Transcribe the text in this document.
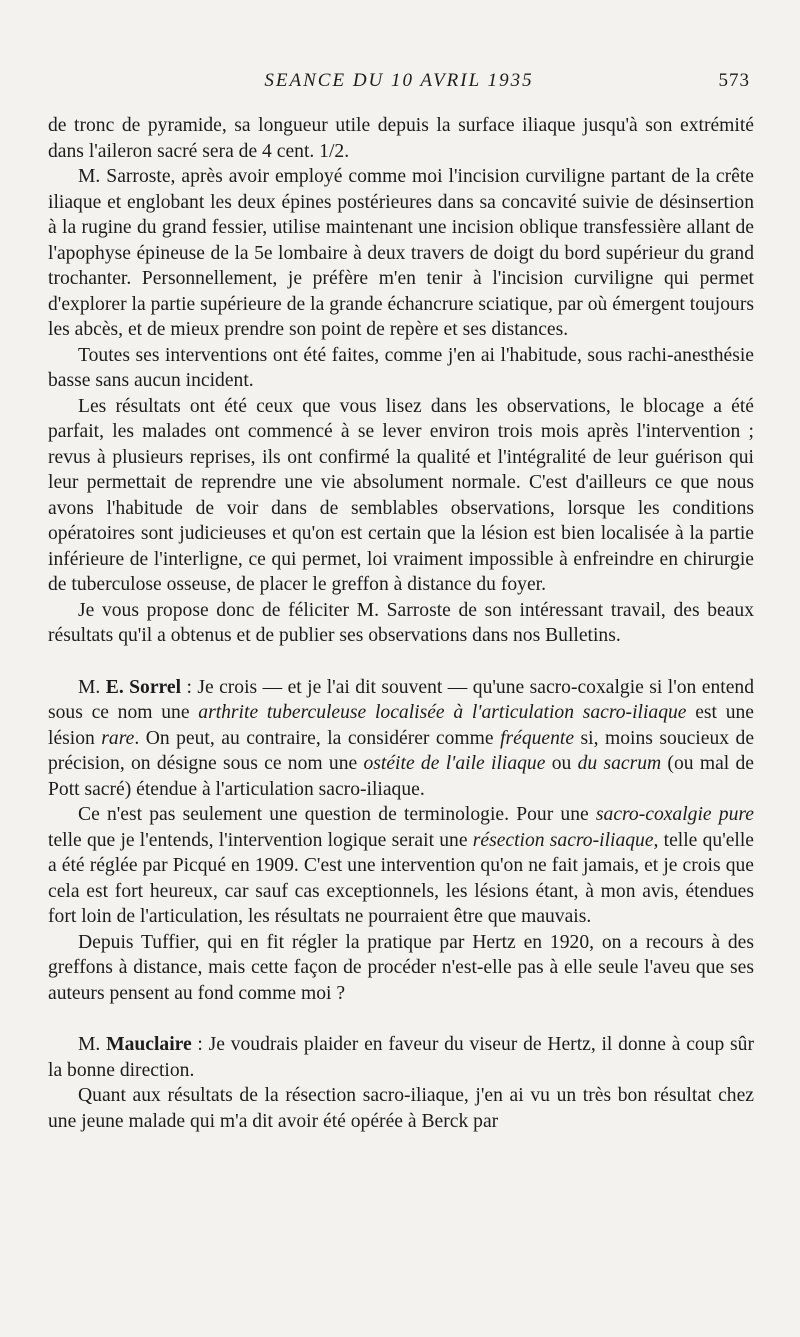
SEANCE DU 10 AVRIL 1935	573

de tronc de pyramide, sa longueur utile depuis la surface iliaque jusqu'à son extrémité dans l'aileron sacré sera de 4 cent. 1/2.

M. Sarroste, après avoir employé comme moi l'incision curviligne partant de la crête iliaque et englobant les deux épines postérieures dans sa concavité suivie de désinsertion à la rugine du grand fessier, utilise maintenant une incision oblique transfessière allant de l'apophyse épineuse de la 5e lombaire à deux travers de doigt du bord supérieur du grand trochanter. Personnellement, je préfère m'en tenir à l'incision curviligne qui permet d'explorer la partie supérieure de la grande échancrure sciatique, par où émergent toujours les abcès, et de mieux prendre son point de repère et ses distances.

Toutes ses interventions ont été faites, comme j'en ai l'habitude, sous rachi-anesthésie basse sans aucun incident.

Les résultats ont été ceux que vous lisez dans les observations, le blocage a été parfait, les malades ont commencé à se lever environ trois mois après l'intervention ; revus à plusieurs reprises, ils ont confirmé la qualité et l'intégralité de leur guérison qui leur permettait de reprendre une vie absolument normale. C'est d'ailleurs ce que nous avons l'habitude de voir dans de semblables observations, lorsque les conditions opératoires sont judicieuses et qu'on est certain que la lésion est bien localisée à la partie inférieure de l'interligne, ce qui permet, loi vraiment impossible à enfreindre en chirurgie de tuberculose osseuse, de placer le greffon à distance du foyer.

Je vous propose donc de féliciter M. Sarroste de son intéressant travail, des beaux résultats qu'il a obtenus et de publier ses observations dans nos Bulletins.

M. E. Sorrel : Je crois — et je l'ai dit souvent — qu'une sacro-coxalgie si l'on entend sous ce nom une arthrite tuberculeuse localisée à l'articulation sacro-iliaque est une lésion rare. On peut, au contraire, la considérer comme fréquente si, moins soucieux de précision, on désigne sous ce nom une ostéite de l'aile iliaque ou du sacrum (ou mal de Pott sacré) étendue à l'articulation sacro-iliaque.

Ce n'est pas seulement une question de terminologie. Pour une sacro-coxalgie pure telle que je l'entends, l'intervention logique serait une résection sacro-iliaque, telle qu'elle a été réglée par Picqué en 1909. C'est une intervention qu'on ne fait jamais, et je crois que cela est fort heureux, car sauf cas exceptionnels, les lésions étant, à mon avis, étendues fort loin de l'articulation, les résultats ne pourraient être que mauvais.

Depuis Tuffier, qui en fit régler la pratique par Hertz en 1920, on a recours à des greffons à distance, mais cette façon de procéder n'est-elle pas à elle seule l'aveu que ses auteurs pensent au fond comme moi ?

M. Mauclaire : Je voudrais plaider en faveur du viseur de Hertz, il donne à coup sûr la bonne direction.

Quant aux résultats de la résection sacro-iliaque, j'en ai vu un très bon résultat chez une jeune malade qui m'a dit avoir été opérée à Berck par
